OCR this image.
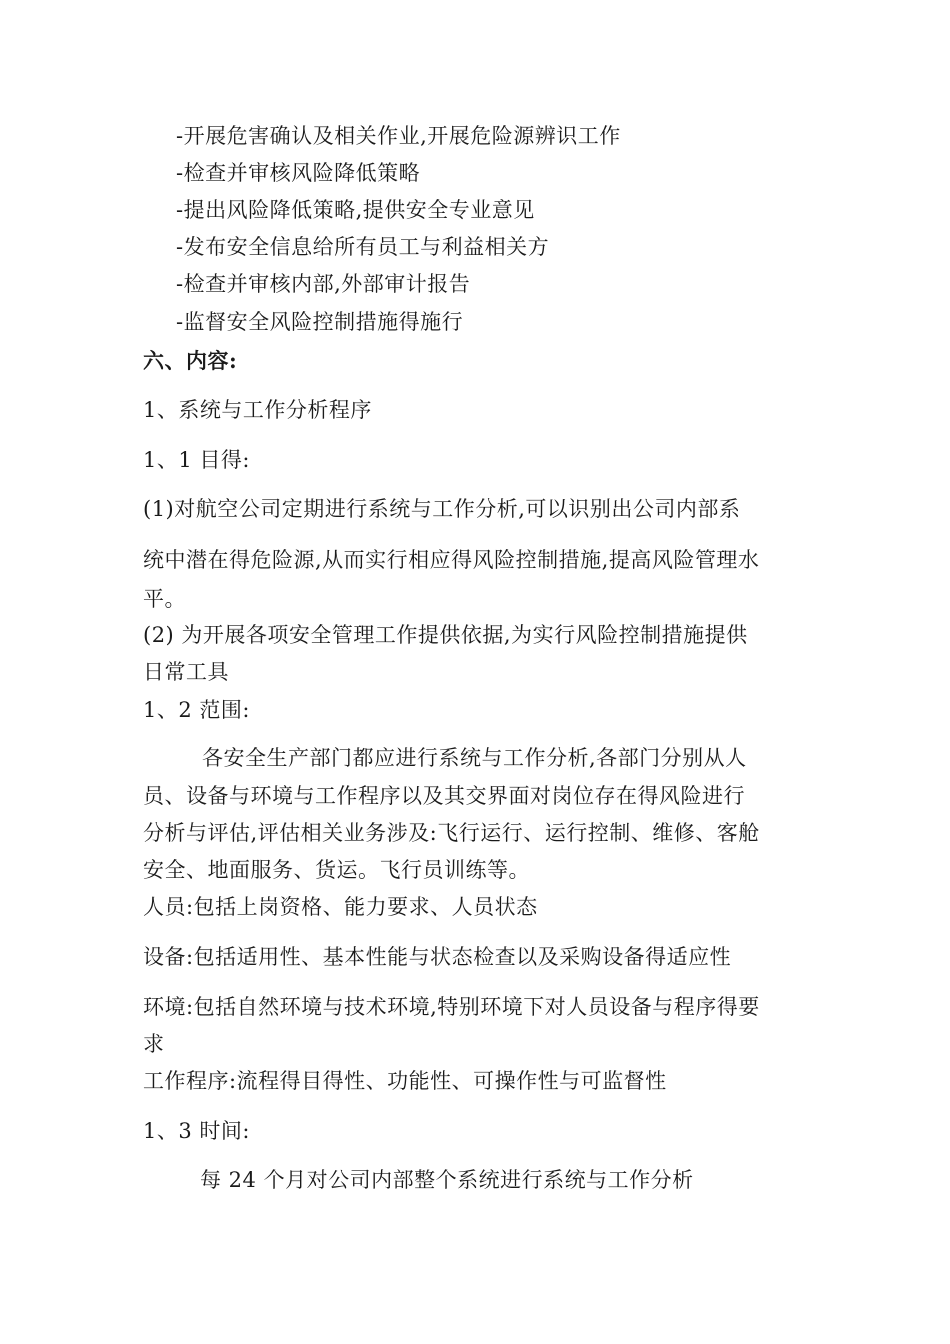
-开展危害确认及相关作业,开展危险源辨识工作
-检查并审核风险降低策略
-提出风险降低策略,提供安全专业意见
-发布安全信息给所有员工与利益相关方
-检查并审核内部,外部审计报告
-监督安全风险控制措施得施行
六、内容:
1、系统与工作分析程序
1、1 目得:
(1)对航空公司定期进行系统与工作分析,可以识别出公司内部系
统中潜在得危险源,从而实行相应得风险控制措施,提高风险管理水
平。
(2) 为开展各项安全管理工作提供依据,为实行风险控制措施提供
日常工具
1、2 范围:
各安全生产部门都应进行系统与工作分析,各部门分别从人
员、设备与环境与工作程序以及其交界面对岗位存在得风险进行
分析与评估,评估相关业务涉及:飞行运行、运行控制、维修、客舱
安全、地面服务、货运。飞行员训练等。
人员:包括上岗资格、能力要求、人员状态
设备:包括适用性、基本性能与状态检查以及采购设备得适应性
环境:包括自然环境与技术环境,特别环境下对人员设备与程序得要
求
工作程序:流程得目得性、功能性、可操作性与可监督性
1、3 时间:
每 24 个月对公司内部整个系统进行系统与工作分析
